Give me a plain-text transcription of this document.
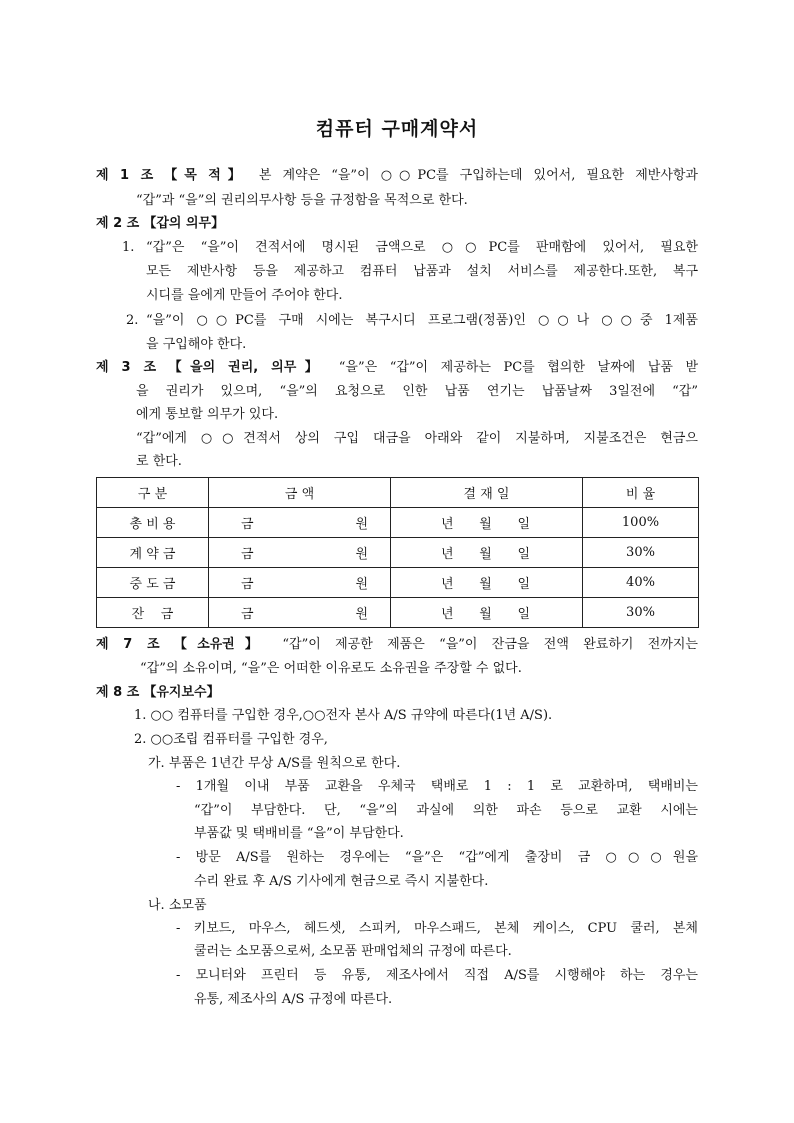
컴퓨터 구매계약서
제 1 조 【목 적】 본 계약은 “을”이 ○○PC를 구입하는데 있어서, 필요한 제반사항과
“갑”과 “을”의 권리의무사항 등을 규정함을 목적으로 한다.
제 2 조 【갑의 의무】
1. “갑”은 “을”이 견적서에 명시된 금액으로 ○○PC를 판매함에 있어서, 필요한
모든 제반사항 등을 제공하고 컴퓨터 납품과 설치 서비스를 제공한다.또한, 복구
시디를 을에게 만들어 주어야 한다.
2. “을”이 ○○PC를 구매 시에는 복구시디 프로그램(정품)인 ○○나 ○○중 1제품
을 구입해야 한다.
제 3 조 【을의 권리, 의무】 “을”은 “갑”이 제공하는 PC를 협의한 날짜에 납품 받
을 권리가 있으며, “을”의 요청으로 인한 납품 연기는 납품날짜 3일전에 “갑”
에게 통보할 의무가 있다.
“갑”에게 ○○견적서 상의 구입 대금을 아래와 같이 지불하며, 지불조건은 현금으
로 한다.
구 분	금 액	결 재 일	비 율
총 비 용	금 원	년 월 일	100%
계 약 금	금 원	년 월 일	30%
중 도 금	금 원	년 월 일	40%
잔    금	금 원	년 월 일	30%
제 7 조 【소유권】 “갑”이 제공한 제품은 “을”이 잔금을 전액 완료하기 전까지는
“갑”의 소유이며, “을”은 어떠한 이유로도 소유권을 주장할 수 없다.
제 8 조 【유지보수】
1. ○○ 컴퓨터를 구입한 경우,○○전자 본사 A/S 규약에 따른다(1년 A/S).
2. ○○조립 컴퓨터를 구입한 경우,
가. 부품은 1년간 무상 A/S를 원칙으로 한다.
- 1개월 이내 부품 교환을 우체국 택배로 1 : 1 로 교환하며, 택배비는
“갑”이 부담한다. 단, “을”의 과실에 의한 파손 등으로 교환 시에는
부품값 및 택배비를 “을”이 부담한다.
- 방문 A/S를 원하는 경우에는 “을”은 “갑”에게 출장비 금 ○○○원을
수리 완료 후 A/S 기사에게 현금으로 즉시 지불한다.
나. 소모품
- 키보드, 마우스, 헤드셋, 스피커, 마우스패드, 본체 케이스, CPU 쿨러, 본체
쿨러는 소모품으로써, 소모품 판매업체의 규정에 따른다.
- 모니터와 프린터 등 유통, 제조사에서 직접 A/S를 시행해야 하는 경우는
유통, 제조사의 A/S 규정에 따른다.
